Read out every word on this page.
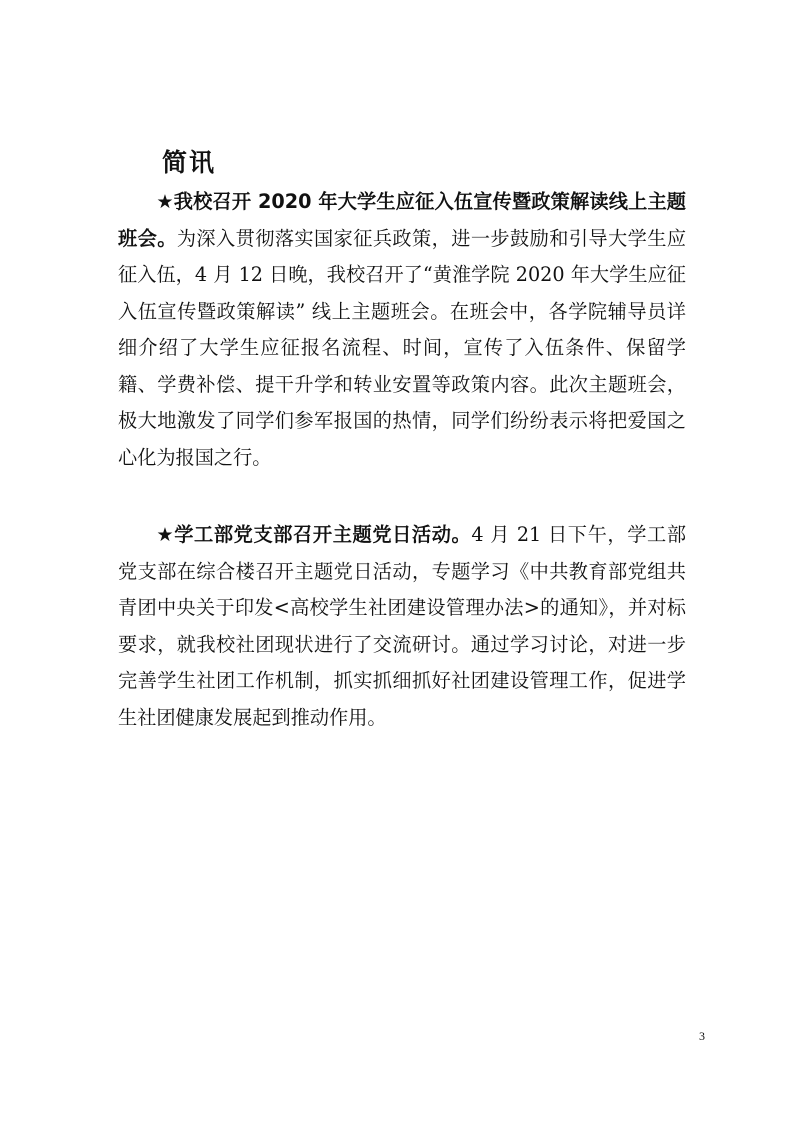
简讯

★我校召开 2020 年大学生应征入伍宣传暨政策解读线上主题班会。为深入贯彻落实国家征兵政策，进一步鼓励和引导大学生应征入伍，4 月 12 日晚，我校召开了“黄淮学院 2020 年大学生应征入伍宣传暨政策解读” 线上主题班会。在班会中，各学院辅导员详细介绍了大学生应征报名流程、时间，宣传了入伍条件、保留学籍、学费补偿、提干升学和转业安置等政策内容。此次主题班会，极大地激发了同学们参军报国的热情，同学们纷纷表示将把爱国之心化为报国之行。

★学工部党支部召开主题党日活动。4 月 21 日下午，学工部党支部在综合楼召开主题党日活动，专题学习《中共教育部党组共青团中央关于印发<高校学生社团建设管理办法>的通知》，并对标要求，就我校社团现状进行了交流研讨。通过学习讨论，对进一步完善学生社团工作机制，抓实抓细抓好社团建设管理工作，促进学生社团健康发展起到推动作用。

3
